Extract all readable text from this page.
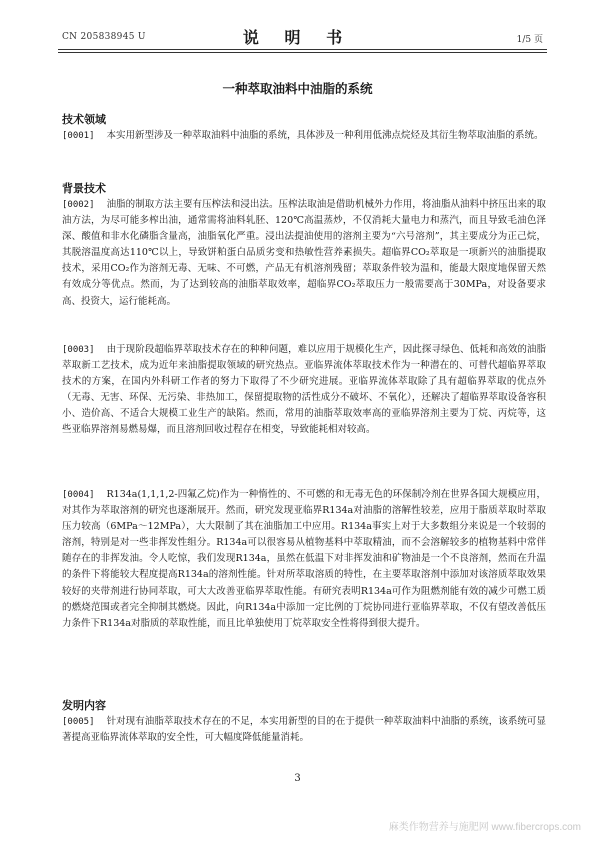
CN 205838945 U	说 明 书	1/5 页
一种萃取油料中油脂的系统
技术领域
[0001] 本实用新型涉及一种萃取油料中油脂的系统，具体涉及一种利用低沸点烷烃及其衍生物萃取油脂的系统。
背景技术
[0002] 油脂的制取方法主要有压榨法和浸出法。压榨法取油是借助机械外力作用，将油脂从油料中挤压出来的取油方法，为尽可能多榨出油，通常需将油料轧胚、120℃高温蒸炒，不仅消耗大量电力和蒸汽，而且导致毛油色泽深、酸值和非水化磷脂含量高，油脂氧化严重。浸出法提油使用的溶剂主要为“六号溶剂”，其主要成分为正己烷，其脱溶温度高达110℃以上，导致饼粕蛋白品质劣变和热敏性营养素损失。超临界CO₂萃取是一项新兴的油脂提取技术，采用CO₂作为溶剂无毒、无味、不可燃，产品无有机溶剂残留；萃取条件较为温和，能最大限度地保留天然有效成分等优点。然而，为了达到较高的油脂萃取效率，超临界CO₂萃取压力一般需要高于30MPa，对设备要求高、投资大，运行能耗高。
[0003] 由于现阶段超临界萃取技术存在的种种问题，难以应用于规模化生产，因此探寻绿色、低耗和高效的油脂萃取新工艺技术，成为近年来油脂提取领域的研究热点。亚临界流体萃取技术作为一种潜在的、可替代超临界萃取技术的方案，在国内外科研工作者的努力下取得了不少研究进展。亚临界流体萃取除了具有超临界萃取的优点外（无毒、无害、环保、无污染、非热加工，保留提取物的活性成分不破坏、不氧化），还解决了超临界萃取设备容积小、造价高、不适合大规模工业生产的缺陷。然而，常用的油脂萃取效率高的亚临界溶剂主要为丁烷、丙烷等，这些亚临界溶剂易燃易爆，而且溶剂回收过程存在相变，导致能耗相对较高。
[0004] R134a(1,1,1,2-四氟乙烷)作为一种惰性的、不可燃的和无毒无色的环保制冷剂在世界各国大规模应用，对其作为萃取溶剂的研究也逐渐展开。然而，研究发现亚临界R134a对油脂的溶解性较差，应用于脂质萃取时萃取压力较高（6MPa～12MPa），大大限制了其在油脂加工中应用。R134a事实上对于大多数组分来说是一个较弱的溶剂，特别是对一些非挥发性组分。R134a可以很容易从植物基料中萃取精油，而不会溶解较多的植物基料中常伴随存在的非挥发油。令人吃惊，我们发现R134a，虽然在低温下对非挥发油和矿物油是一个不良溶剂，然而在升温的条件下将能较大程度提高R134a的溶剂性能。针对所萃取溶质的特性，在主要萃取溶剂中添加对该溶质萃取效果较好的夹带剂进行协同萃取，可大大改善亚临界萃取性能。有研究表明R134a可作为阻燃剂能有效的减少可燃工质的燃烧范围或者完全抑制其燃烧。因此，向R134a中添加一定比例的丁烷协同进行亚临界萃取，不仅有望改善低压力条件下R134a对脂质的萃取性能，而且比单独使用丁烷萃取安全性将得到很大提升。
发明内容
[0005] 针对现有油脂萃取技术存在的不足，本实用新型的目的在于提供一种萃取油料中油脂的系统，该系统可显著提高亚临界流体萃取的安全性，可大幅度降低能量消耗。
3
麻类作物营养与施肥网 www.fibercrops.com
